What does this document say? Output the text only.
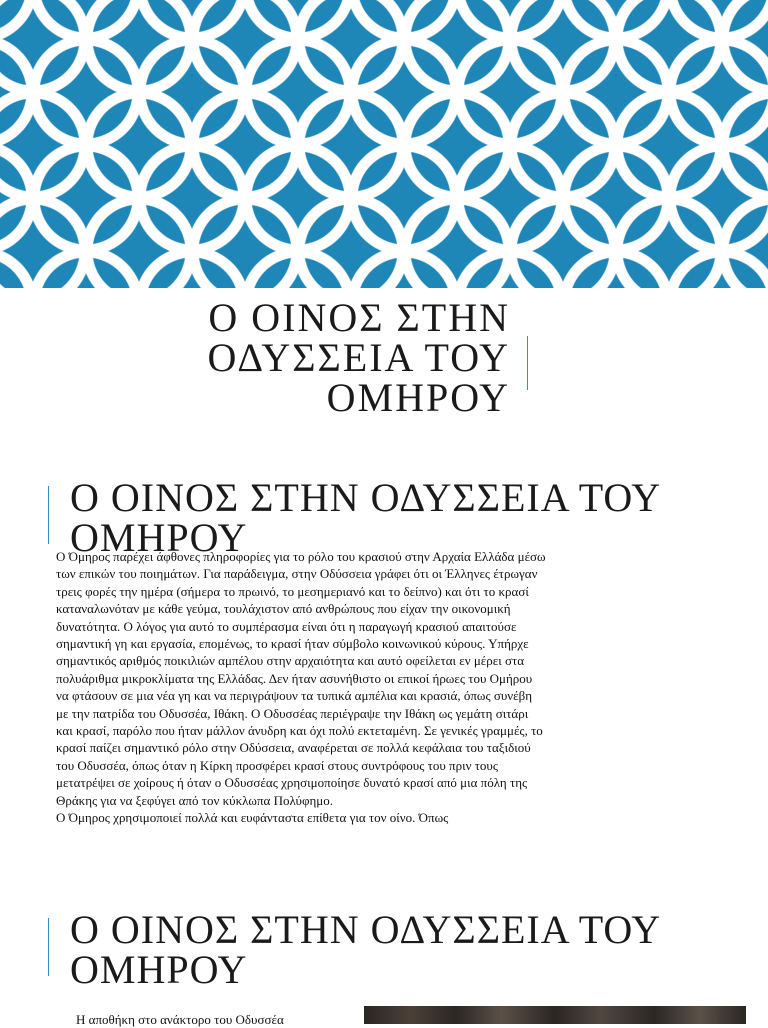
Ο ΟΙΝΟΣ ΣΤΗΝ
ΟΔΥΣΣΕΙΑ ΤΟΥ
ΟΜΗΡΟΥ
Ο ΟΙΝΟΣ ΣΤΗΝ ΟΔΥΣΣΕΙΑ ΤΟΥ
ΟΜΗΡΟΥ

Ο Όμηρος παρέχει άφθονες πληροφορίες για το ρόλο του κρασιού στην Αρχαία Ελλάδα μέσω των επικών του ποιημάτων. Για παράδειγμα, στην Οδύσσεια γράφει ότι οι Έλληνες έτρωγαν τρεις φορές την ημέρα (σήμερα το πρωινό, το μεσημεριανό και το δείπνο) και ότι το κρασί καταναλωνόταν με κάθε γεύμα, τουλάχιστον από ανθρώπους που είχαν την οικονομική δυνατότητα. Ο λόγος για αυτό το συμπέρασμα είναι ότι η παραγωγή κρασιού απαιτούσε σημαντική γη και εργασία, επομένως, το κρασί ήταν σύμβολο κοινωνικού κύρους. Υπήρχε σημαντικός αριθμός ποικιλιών αμπέλου στην αρχαιότητα και αυτό οφείλεται εν μέρει στα πολυάριθμα μικροκλίματα της Ελλάδας. Δεν ήταν ασυνήθιστο οι επικοί ήρωες του Ομήρου να φτάσουν σε μια νέα γη και να περιγράψουν τα τυπικά αμπέλια και κρασιά, όπως συνέβη με την πατρίδα του Οδυσσέα, Ιθάκη. Ο Οδυσσέας περιέγραψε την Ιθάκη ως γεμάτη σιτάρι και κρασί, παρόλο που ήταν μάλλον άνυδρη και όχι πολύ εκτεταμένη. Σε γενικές γραμμές, το κρασί παίζει σημαντικό ρόλο στην Οδύσσεια, αναφέρεται σε πολλά κεφάλαια του ταξιδιού του Οδυσσέα, όπως όταν η Κίρκη προσφέρει κρασί στους συντρόφους του πριν τους μετατρέψει σε χοίρους ή όταν ο Οδυσσέας χρησιμοποίησε δυνατό κρασί από μια πόλη της Θράκης για να ξεφύγει από τον κύκλωπα Πολύφημο.

Ο Όμηρος χρησιμοποιεί πολλά και ευφάνταστα επίθετα για τον οίνο. Όπως

Ο ΟΙΝΟΣ ΣΤΗΝ ΟΔΥΣΣΕΙΑ ΤΟΥ
ΟΜΗΡΟΥ
Η αποθήκη στο ανάκτορο του Οδυσσέα
